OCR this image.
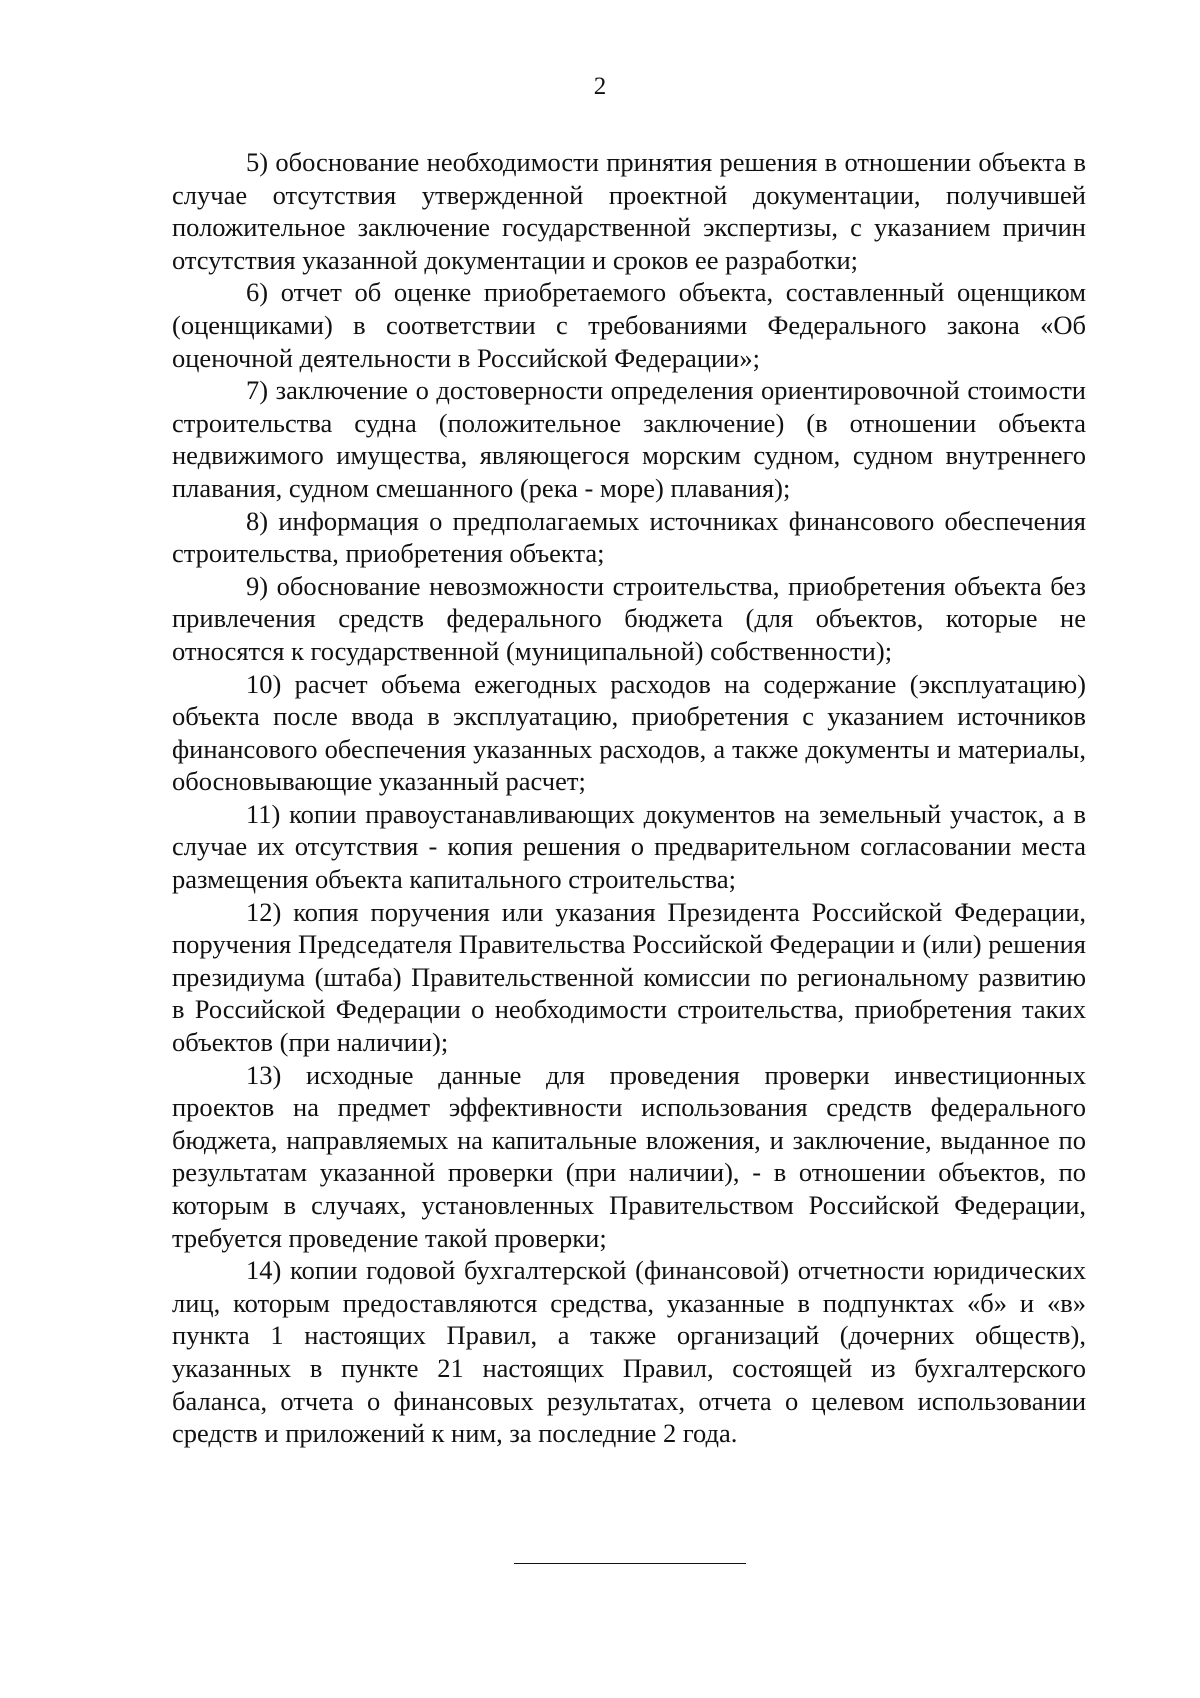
2

5) обоснование необходимости принятия решения в отношении объекта в случае отсутствия утвержденной проектной документации, получившей положительное заключение государственной экспертизы, с указанием причин отсутствия указанной документации и сроков ее разработки;

6) отчет об оценке приобретаемого объекта, составленный оценщиком (оценщиками) в соответствии с требованиями Федерального закона «Об оценочной деятельности в Российской Федерации»;

7) заключение о достоверности определения ориентировочной стоимости строительства судна (положительное заключение) (в отношении объекта недвижимого имущества, являющегося морским судном, судном внутреннего плавания, судном смешанного (река - море) плавания);

8) информация о предполагаемых источниках финансового обеспечения строительства, приобретения объекта;

9) обоснование невозможности строительства, приобретения объекта без привлечения средств федерального бюджета (для объектов, которые не относятся к государственной (муниципальной) собственности);

10) расчет объема ежегодных расходов на содержание (эксплуатацию) объекта после ввода в эксплуатацию, приобретения с указанием источников финансового обеспечения указанных расходов, а также документы и материалы, обосновывающие указанный расчет;

11) копии правоустанавливающих документов на земельный участок, а в случае их отсутствия - копия решения о предварительном согласовании места размещения объекта капитального строительства;

12) копия поручения или указания Президента Российской Федерации, поручения Председателя Правительства Российской Федерации и (или) решения президиума (штаба) Правительственной комиссии по региональному развитию в Российской Федерации о необходимости строительства, приобретения таких объектов (при наличии);

13) исходные данные для проведения проверки инвестиционных проектов на предмет эффективности использования средств федерального бюджета, направляемых на капитальные вложения, и заключение, выданное по результатам указанной проверки (при наличии), - в отношении объектов, по которым в случаях, установленных Правительством Российской Федерации, требуется проведение такой проверки;

14) копии годовой бухгалтерской (финансовой) отчетности юридических лиц, которым предоставляются средства, указанные в подпунктах «б» и «в» пункта 1 настоящих Правил, а также организаций (дочерних обществ), указанных в пункте 21 настоящих Правил, состоящей из бухгалтерского баланса, отчета о финансовых результатах, отчета о целевом использовании средств и приложений к ним, за последние 2 года.
